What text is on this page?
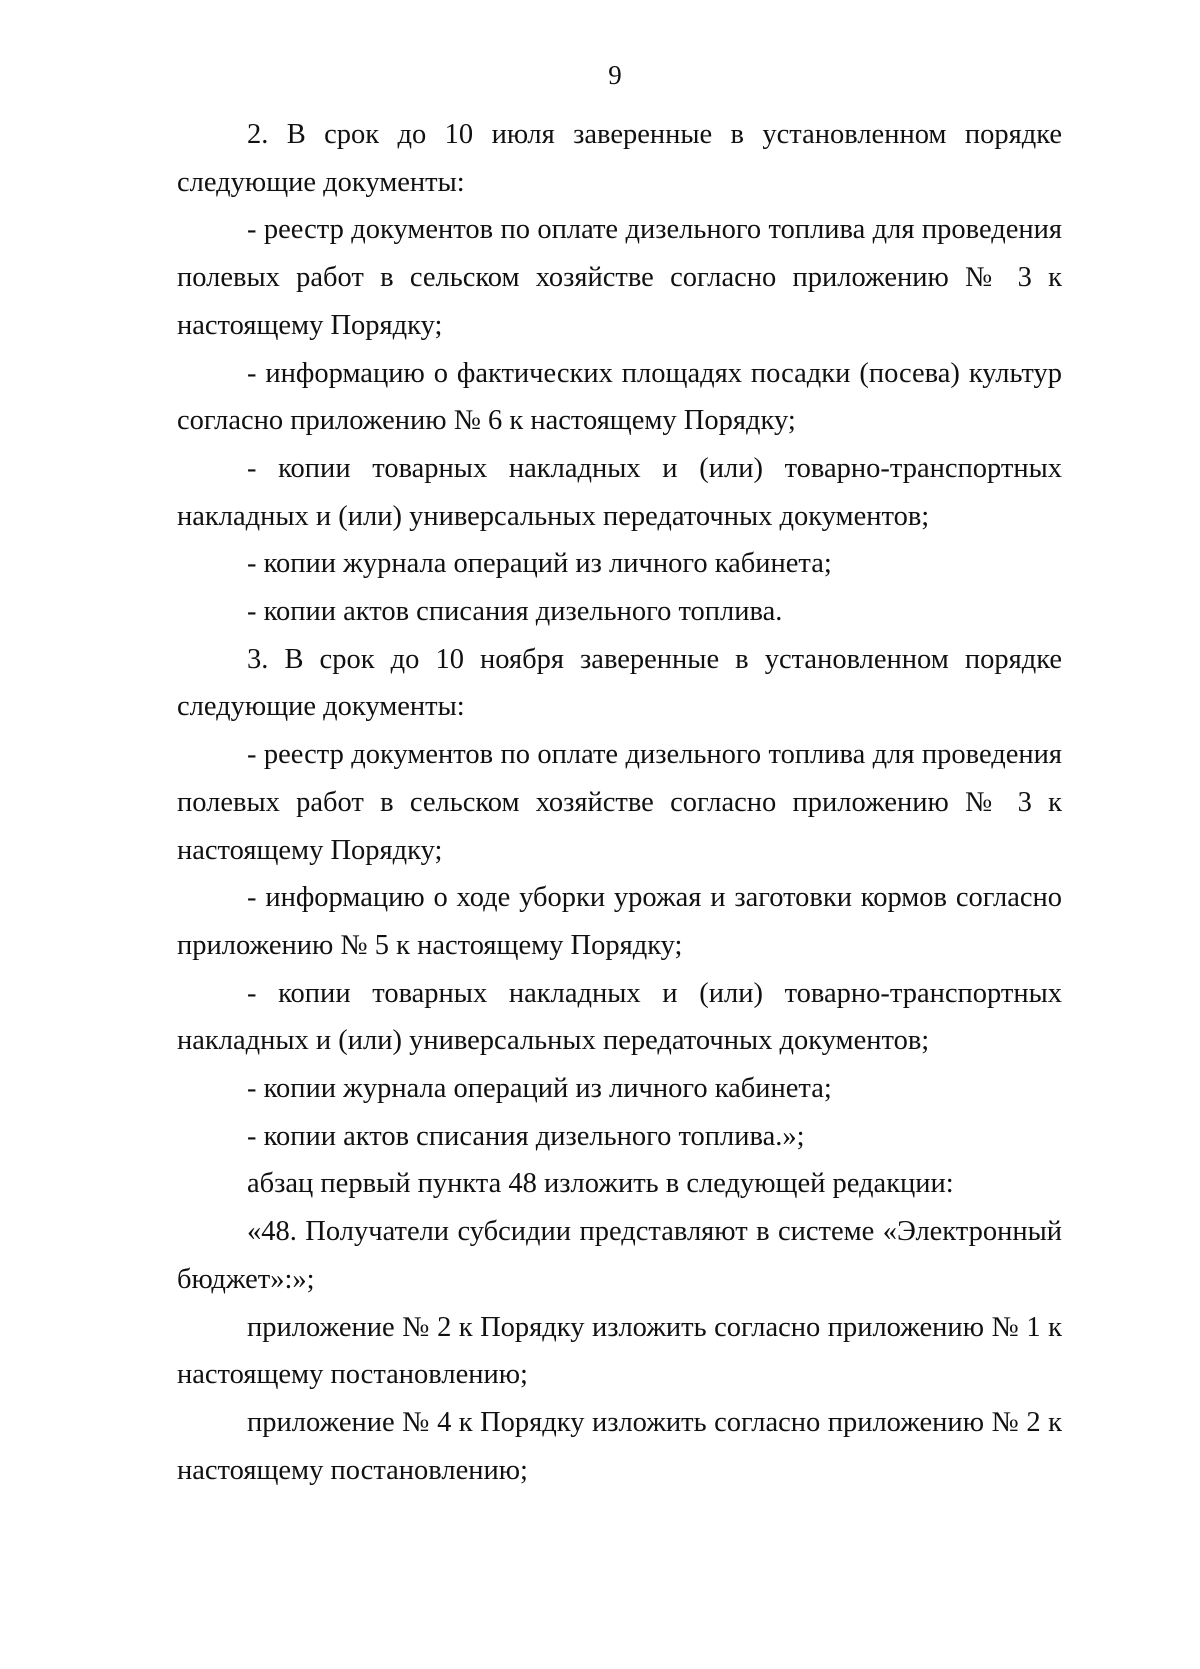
9

2. В срок до 10 июля заверенные в установленном порядке следующие документы:

- реестр документов по оплате дизельного топлива для проведения полевых работ в сельском хозяйстве согласно приложению № 3 к настоящему Порядку;

- информацию о фактических площадях посадки (посева) культур согласно приложению № 6 к настоящему Порядку;

- копии товарных накладных и (или) товарно-транспортных накладных и (или) универсальных передаточных документов;

- копии журнала операций из личного кабинета;

- копии актов списания дизельного топлива.

3. В срок до 10 ноября заверенные в установленном порядке следующие документы:

- реестр документов по оплате дизельного топлива для проведения полевых работ в сельском хозяйстве согласно приложению № 3 к настоящему Порядку;

- информацию о ходе уборки урожая и заготовки кормов согласно приложению № 5 к настоящему Порядку;

- копии товарных накладных и (или) товарно-транспортных накладных и (или) универсальных передаточных документов;

- копии журнала операций из личного кабинета;

- копии актов списания дизельного топлива.»;

абзац первый пункта 48 изложить в следующей редакции:

«48. Получатели субсидии представляют в системе «Электронный бюджет»:»;

приложение № 2 к Порядку изложить согласно приложению № 1 к настоящему постановлению;

приложение № 4 к Порядку изложить согласно приложению № 2 к настоящему постановлению;
